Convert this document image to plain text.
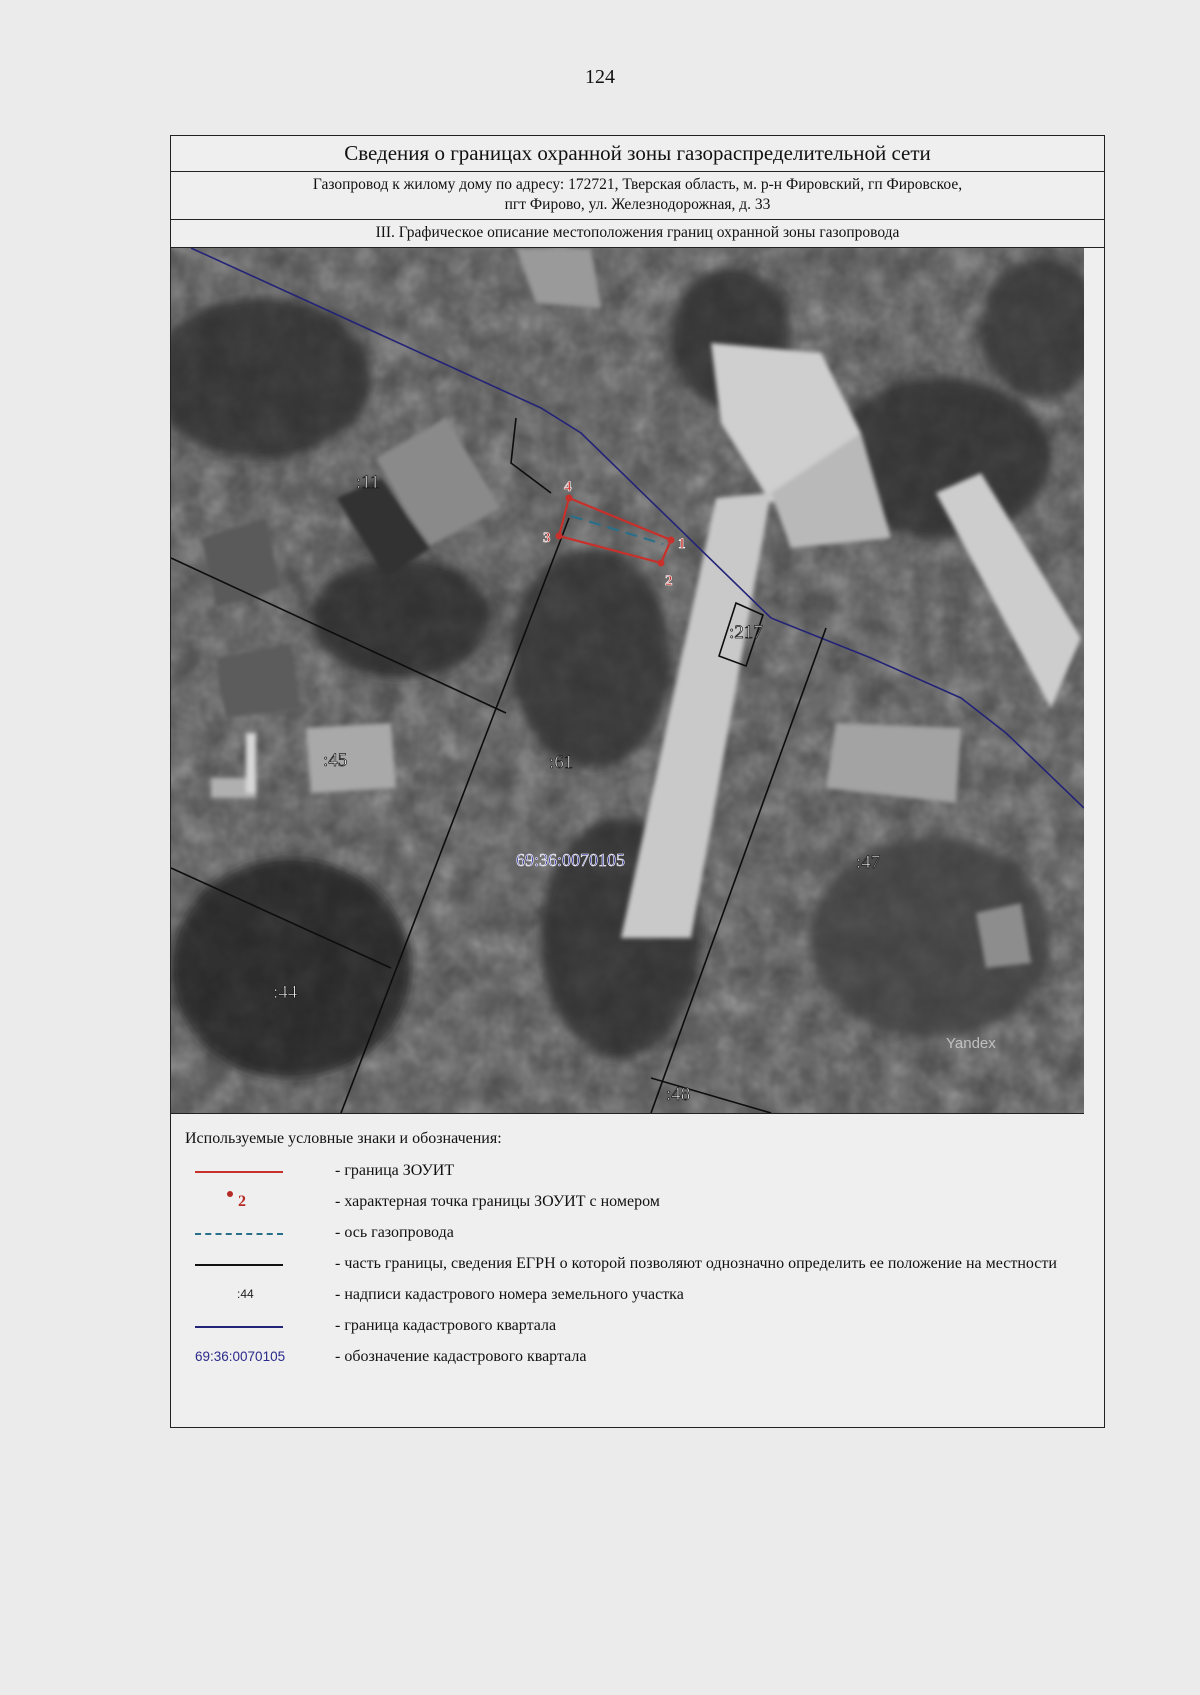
124
Сведения о границах охранной зоны газораспределительной сети
Газопровод к жилому дому по адресу: 172721, Тверская область, м. р-н Фировский, гп Фировское,
пгт Фирово, ул. Железнодорожная, д. 33
III. Графическое описание местоположения границ охранной зоны газопровода
1
2
3
4
:11
:45	:61
:217
:47
:44
:48
69:36:0070105
Yandex
Используемые условные знаки и обозначения:
- граница ЗОУИТ
2	- характерная точка границы ЗОУИТ с номером
- ось газопровода
- часть границы, сведения ЕГРН о которой позволяют однозначно определить ее положение на местности
:44	- надписи кадастрового номера земельного участка
- граница кадастрового квартала
69:36:0070105	- обозначение кадастрового квартала
